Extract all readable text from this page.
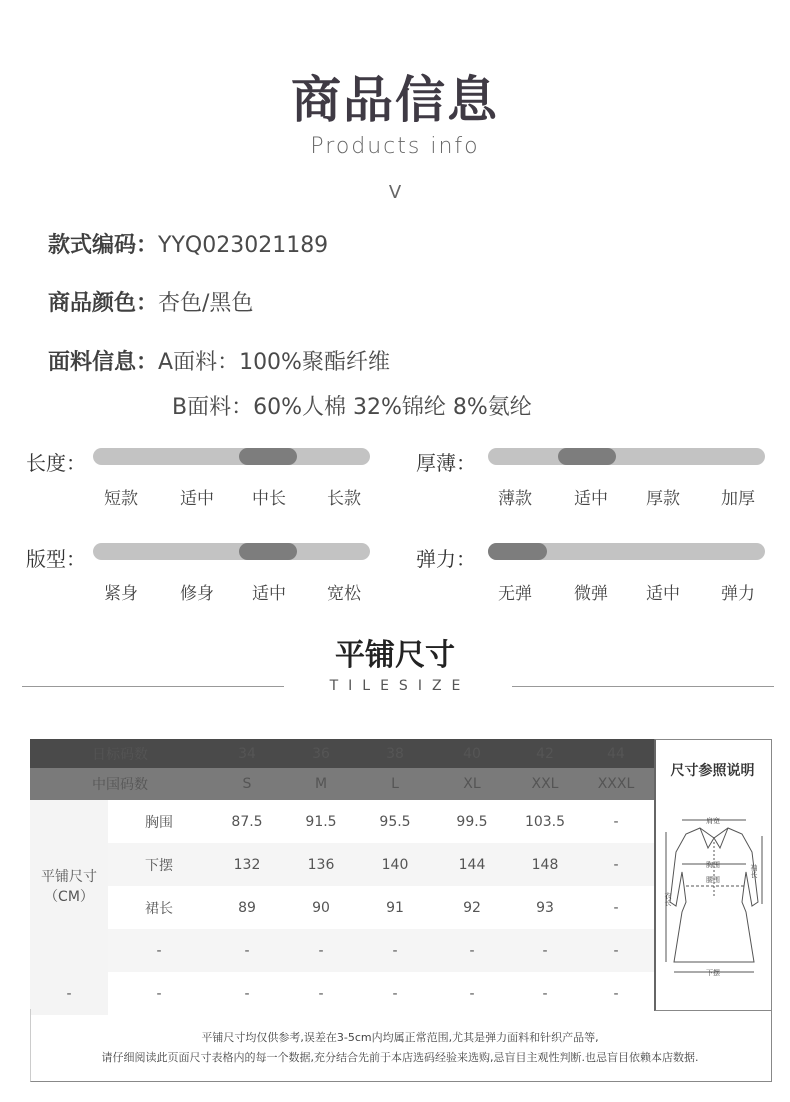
商品信息
Products info
V
款式编码：YYQ023021189
商品颜色：杏色/黑色
面料信息：A面料：100%聚酯纤维
B面料：60%人棉 32%锦纶 8%氨纶
长度：
短款	适中	中长	长款
厚薄：
薄款	适中	厚款	加厚
版型：
紧身	修身	适中	宽松
弹力：
无弹	微弹	适中	弹力
平铺尺寸
TILESIZE
日标码数		34	36	38	40	42	44
中国码数		S	M	L	XL	XXL	XXXL

平铺尺寸
（CM）	胸围	87.5	91.5	95.5	99.5	103.5	-
	下摆	132	136	140	144	148	-
	裙长	89	90	91	92	93	-
	-	-	-	-	-	-	-
-	-	-	-	-	-	-	-
尺寸参照说明
肩宽
胸围
腰围
下摆
衣长
袖长
平铺尺寸均仅供参考,误差在3-5cm内均属正常范围,尤其是弹力面料和针织产品等,
请仔细阅读此页面尺寸表格内的每一个数据,充分结合先前于本店选码经验来选购,忌盲目主观性判断.也忌盲目依赖本店数据.
